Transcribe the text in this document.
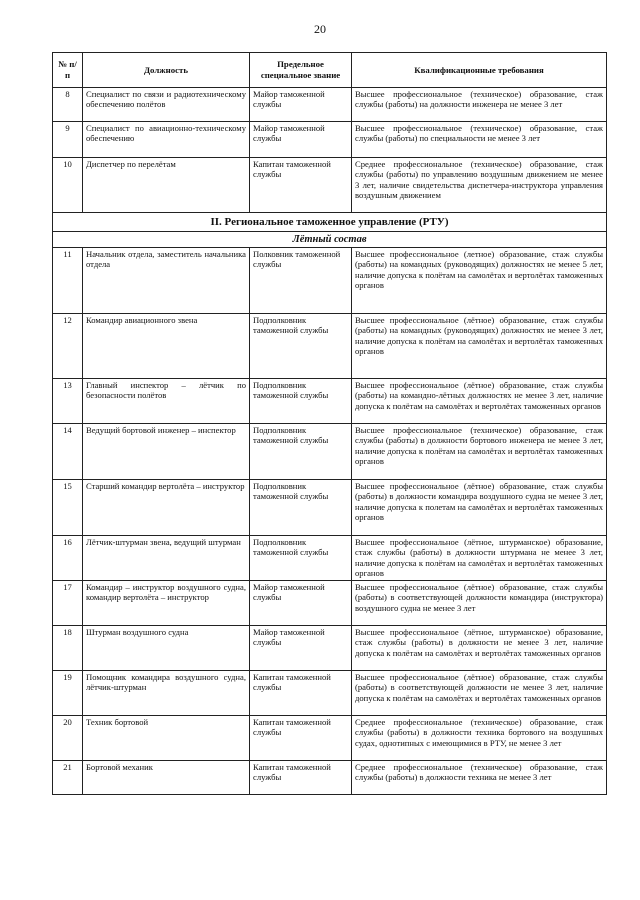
20
№ п/п	Должность	Предельное специальное звание	Квалификационные требования
8	Специалист по связи и радиотехническому обеспечению полётов	Майор таможенной службы	Высшее профессиональное (техническое) образование, стаж службы (работы) на должности инженера не менее 3 лет
9	Специалист по авиационно-техническому обеспечению	Майор таможенной службы	Высшее профессиональное (техническое) образование, стаж службы (работы) по специальности не менее 3 лет
10	Диспетчер по перелётам	Капитан таможенной службы	Среднее профессиональное (техническое) образование, стаж службы (работы) по управлению воздушным движением не менее 3 лет, наличие свидетельства диспетчера-инструктора управления воздушным движением
II. Региональное таможенное управление (РТУ)			
Лётный состав			
11	Начальник отдела, заместитель начальника отдела	Полковник таможенной службы	Высшее профессиональное (летное) образование, стаж службы (работы) на командных (руководящих) должностях не менее 5 лет, наличие допуска к полётам на самолётах и вертолётах таможенных органов
12	Командир авиационного звена	Подполковник таможенной службы	Высшее профессиональное (лётное) образование, стаж службы (работы) на командных (руководящих) должностях не менее 3 лет, наличие допуска к полётам на самолётах и вертолётах таможенных органов
13	Главный инспектор – лётчик по безопасности полётов	Подполковник таможенной службы	Высшее профессиональное (лётное) образование, стаж службы (работы) на командно-лётных должностях не менее 3 лет, наличие допуска к полётам на самолётах и вертолётах таможенных органов
14	Ведущий бортовой инженер – инспектор	Подполковник таможенной службы	Высшее профессиональное (техническое) образование, стаж службы (работы) в должности бортового инженера не менее 3 лет, наличие допуска к полётам на самолётах и вертолётах таможенных органов
15	Старший командир вертолёта – инструктор	Подполковник таможенной службы	Высшее профессиональное (лётное) образование, стаж службы (работы) в должности командира воздушного судна не менее 3 лет, наличие допуска к полетам на самолётах и вертолётах таможенных органов
16	Лётчик-штурман звена, ведущий штурман	Подполковник таможенной службы	Высшее профессиональное (лётное, штурманское) образование, стаж службы (работы) в должности штурмана не менее 3 лет, наличие допуска к полётам на самолётах и вертолётах таможенных органов
17	Командир – инструктор воздушного судна, командир вертолёта – инструктор	Майор таможенной службы	Высшее профессиональное (лётное) образование, стаж службы (работы) в соответствующей должности командира (инструктора) воздушного судна не менее 3 лет
18	Штурман воздушного судна	Майор таможенной службы	Высшее профессиональное (лётное, штурманское) образование, стаж службы (работы) в должности не менее 3 лет, наличие допуска к полётам на самолётах и вертолётах таможенных органов
19	Помощник командира воздушного судна, лётчик-штурман	Капитан таможенной службы	Высшее профессиональное (лётное) образование, стаж службы (работы) в соответствующей должности не менее 3 лет, наличие допуска к полётам на самолётах и вертолётах таможенных органов
20	Техник бортовой	Капитан таможенной службы	Среднее профессиональное (техническое) образование, стаж службы (работы) в должности техника бортового на воздушных судах, однотипных с имеющимися в РТУ, не менее 3 лет
21	Бортовой механик	Капитан таможенной службы	Среднее профессиональное (техническое) образование, стаж службы (работы) в должности техника не менее 3 лет
